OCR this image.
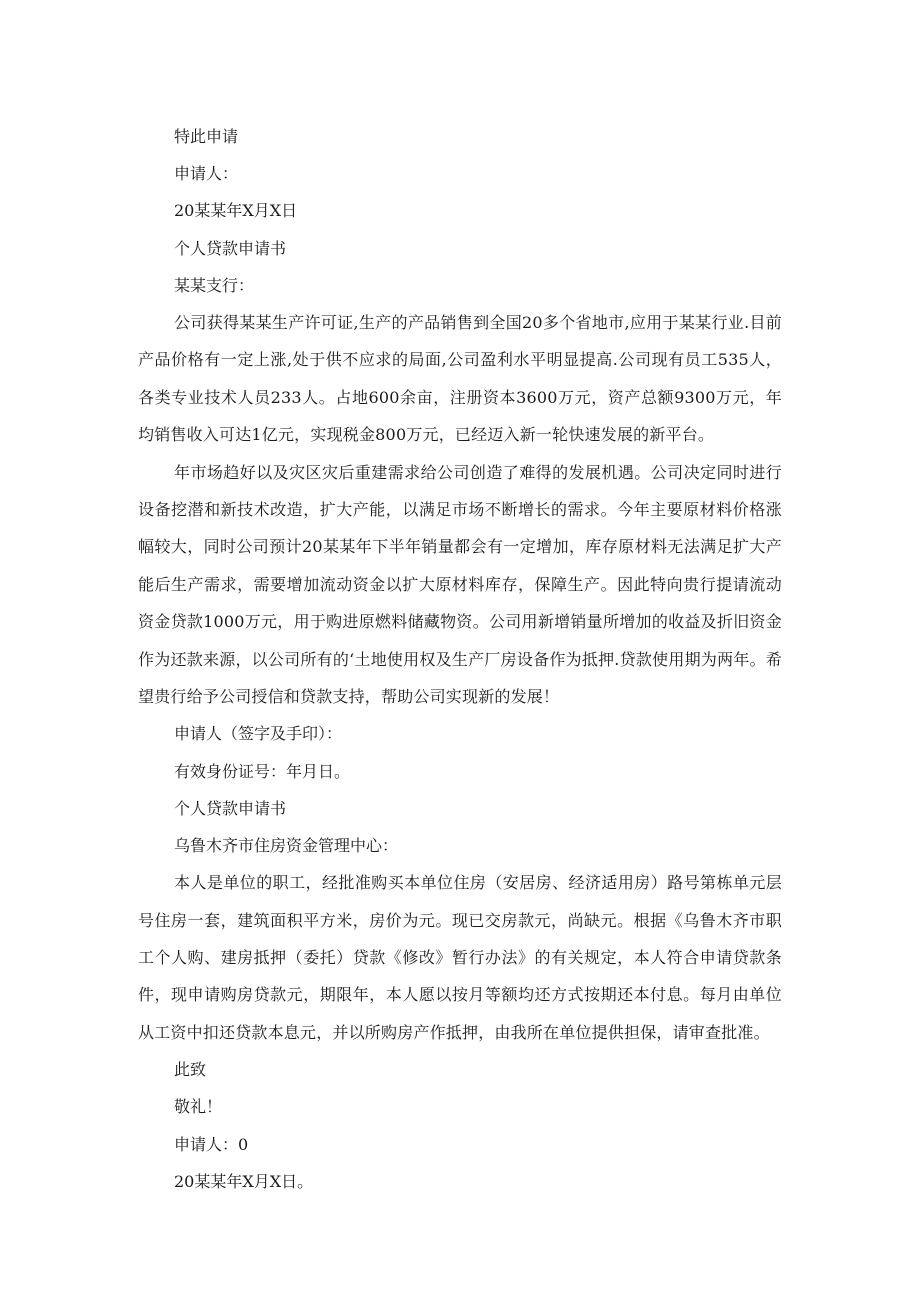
特此申请

申请人：

20某某年X月X日

个人贷款申请书

某某支行：

公司获得某某生产许可证,生产的产品销售到全国20多个省地市,应用于某某行业.目前产品价格有一定上涨,处于供不应求的局面,公司盈利水平明显提高.公司现有员工535人，各类专业技术人员233人。占地600余亩，注册资本3600万元，资产总额9300万元，年均销售收入可达1亿元，实现税金800万元，已经迈入新一轮快速发展的新平台。

年市场趋好以及灾区灾后重建需求给公司创造了难得的发展机遇。公司决定同时进行设备挖潜和新技术改造，扩大产能，以满足市场不断增长的需求。今年主要原材料价格涨幅较大，同时公司预计20某某年下半年销量都会有一定增加，库存原材料无法满足扩大产能后生产需求，需要增加流动资金以扩大原材料库存，保障生产。因此特向贵行提请流动资金贷款1000万元，用于购进原燃料储藏物资。公司用新增销量所增加的收益及折旧资金作为还款来源，以公司所有的‘土地使用权及生产厂房设备作为抵押.贷款使用期为两年。希望贵行给予公司授信和贷款支持，帮助公司实现新的发展！

申请人（签字及手印）：

有效身份证号：年月日。

个人贷款申请书

乌鲁木齐市住房资金管理中心：

本人是单位的职工，经批准购买本单位住房（安居房、经济适用房）路号第栋单元层号住房一套，建筑面积平方米，房价为元。现已交房款元，尚缺元。根据《乌鲁木齐市职工个人购、建房抵押（委托）贷款《修改》暂行办法》的有关规定，本人符合申请贷款条件，现申请购房贷款元，期限年，本人愿以按月等额均还方式按期还本付息。每月由单位从工资中扣还贷款本息元，并以所购房产作抵押，由我所在单位提供担保，请审查批准。

此致

敬礼！

申请人：0

20某某年X月X日。
